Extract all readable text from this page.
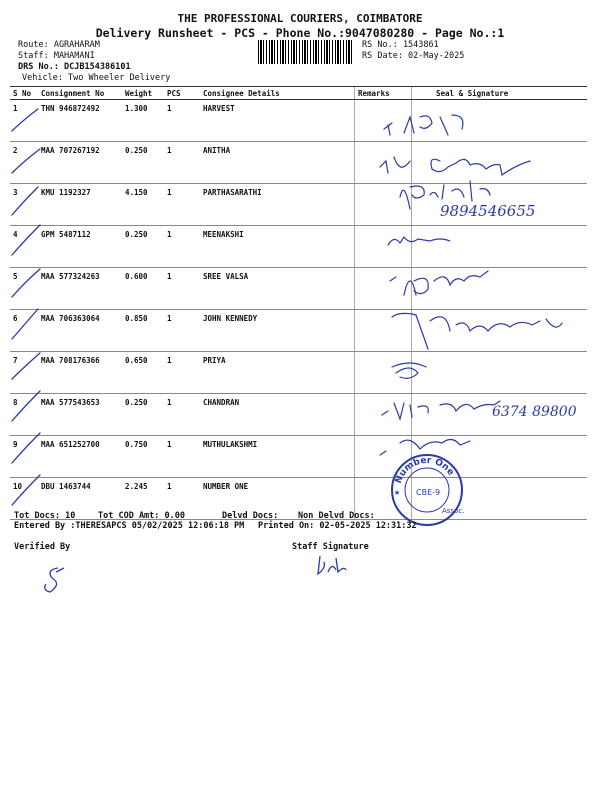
THE PROFESSIONAL COURIERS, COIMBATORE
Delivery Runsheet - PCS - Phone No.:9047080280 - Page No.:1
Route: AGRAHARAM
Staff: MAHAMANI
DRS No.: DCJB154386101
Vehicle: Two Wheeler Delivery
RS No.: 1543861
RS Date: 02-May-2025
S No	Consignment No	Weight	PCS	Consignee Details	Remarks	Seal & Signature
1	THN 946872492	1.300	1	HARVEST		
2	MAA 707267192	0.250	1	ANITHA		
3	KMU 1192327	4.150	1	PARTHASARATHI		
4	GPM 5487112	0.250	1	MEENAKSHI		
5	MAA 577324263	0.600	1	SREE VALSA		
6	MAA 706363064	0.850	1	JOHN KENNEDY		
7	MAA 708176366	0.650	1	PRIYA		
8	MAA 577543653	0.250	1	CHANDRAN		
9	MAA 651252700	0.750	1	MUTHULAKSHMI		
10	DBU 1463744	2.245	1	NUMBER ONE		
9894546655
6374 89800
Number One
Assoc.
CBE-9
★
Tot Docs: 10	Tot COD Amt: 0.00	Delvd Docs: Non Delvd Docs:
Entered By :THERESAPCS 05/02/2025 12:06:18 PM Printed On: 02-05-2025 12:31:32
Verified By	Staff Signature
